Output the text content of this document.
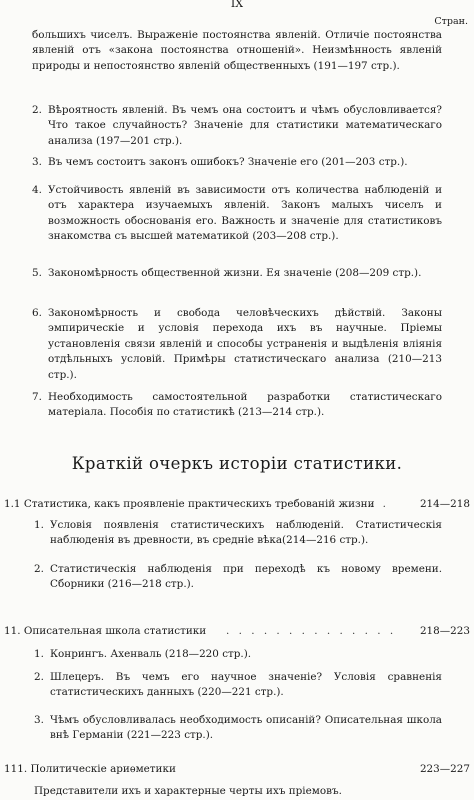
IX
Стран.

большихъ чиселъ. Выраженіе постоянства явленій. Отличіе постоянства явленій отъ «закона постоянства отношеній». Неизмѣнность явленій природы и непостоянство явленій общественныхъ (191—197 стр.).

2. Вѣроятность явленій. Въ чемъ она состоитъ и чѣмъ обусловливается? Что такое случайность? Значеніе для статистики математическаго анализа (197—201 стр.).
3. Въ чемъ состоитъ законъ ошибокъ? Значеніе его (201—203 стр.).
4. Устойчивость явленій въ зависимости отъ количества наблюденій и отъ характера изучаемыхъ явленій. Законъ малыхъ чиселъ и возможность обоснованія его. Важность и значеніе для статистиковъ знакомства съ высшей математикой (203—208 стр.).
5. Закономѣрность общественной жизни. Ея значеніе (208—209 стр.).
6. Закономѣрность и свобода человѣческихъ дѣйствій. Законы эмпирическіе и условія перехода ихъ въ научные. Пріемы установленія связи явленій и способы устраненія и выдѣленія вліянія отдѣльныхъ условій. Примѣры статистическаго анализа (210—213 стр.).
7. Необходимость самостоятельной разработки статистическаго матеріала. Пособія по статистикѣ (213—214 стр.).
Краткій очеркъ исторіи статистики.
1.1 Статистика, какъ проявленіе практическихъ требованій жизни
. .	214—218
1. Условія появленія статистическихъ наблюденій. Статистическія наблюденія въ древности, въ средніе вѣка(214—216 стр.).
2. Статистическія наблюденія при переходѣ къ новому времени. Сборники (216—218 стр.).
11. Описательная школа статистики . . . . . . . . . . . . . . 218—223
1. Конрингъ. Ахенваль (218—220 стр.).
2. Шлецеръ. Въ чемъ его научное значеніе? Условія сравненія статистическихъ данныхъ (220—221 стр.).
3. Чѣмъ обусловливалась необходимость описаній? Описательная школа внѣ Германіи (221—223 стр.).
111. Политическіе ариѳметики	223—227
Представители ихъ и характерные черты ихъ пріемовъ.
